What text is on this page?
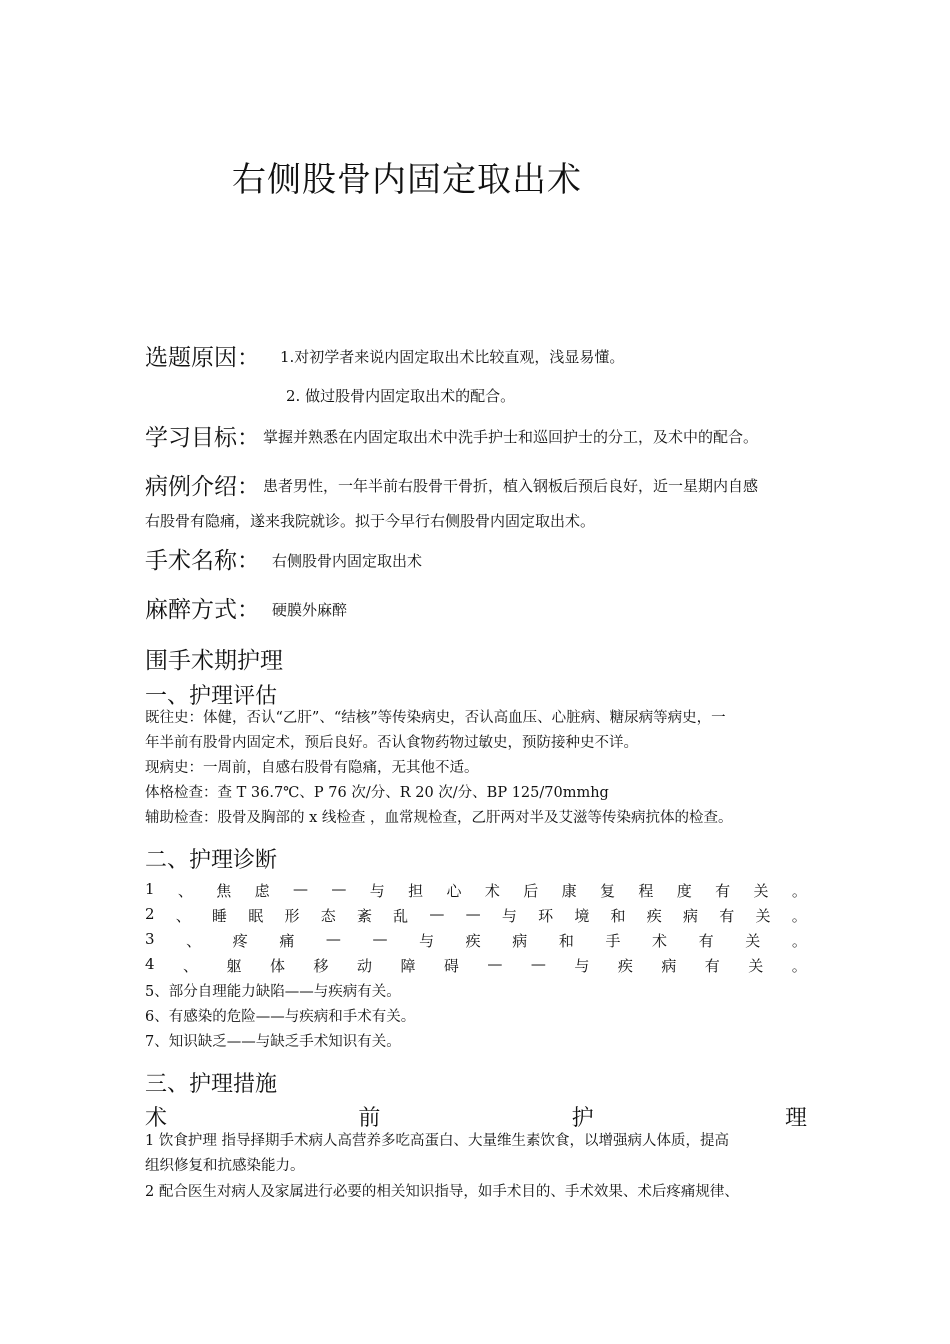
右侧股骨内固定取出术
选题原因： 1.对初学者来说内固定取出术比较直观，浅显易懂。
2. 做过股骨内固定取出术的配合。
学习目标： 掌握并熟悉在内固定取出术中洗手护士和巡回护士的分工，及术中的配合。
病例介绍： 患者男性，一年半前右股骨干骨折，植入钢板后预后良好，近一星期内自感
右股骨有隐痛，遂来我院就诊。拟于今早行右侧股骨内固定取出术。
手术名称： 右侧股骨内固定取出术
麻醉方式： 硬膜外麻醉
围手术期护理
一、护理评估
既往史：体健，否认“乙肝”、“结核”等传染病史，否认高血压、心脏病、糖尿病等病史，一
年半前有股骨内固定术，预后良好。否认食物药物过敏史，预防接种史不详。
现病史：一周前，自感右股骨有隐痛，无其他不适。
体格检查：查 T 36.7℃、P 76 次/分、R 20 次/分、BP 125/70mmhg
辅助检查：股骨及胸部的 x 线检查 ，血常规检查，乙肝两对半及艾滋等传染病抗体的检查。
二、护理诊断
1 、 焦 虑 — — 与 担 心 术 后 康 复 程 度 有 关 。
2 、 睡 眠 形 态 紊 乱 — — 与 环 境 和 疾 病 有 关 。
3 、 疼 痛 — — 与 疾 病 和 手 术 有 关 。
4 、 躯 体 移 动 障 碍 — — 与 疾 病 有 关 。
5、部分自理能力缺陷——与疾病有关。
6、有感染的危险——与疾病和手术有关。
7、知识缺乏——与缺乏手术知识有关。
三、护理措施
术	前	护	理
1 饮食护理 指导择期手术病人高营养多吃高蛋白、大量维生素饮食，以增强病人体质，提高
组织修复和抗感染能力。
2 配合医生对病人及家属进行必要的相关知识指导，如手术目的、手术效果、术后疼痛规律、
